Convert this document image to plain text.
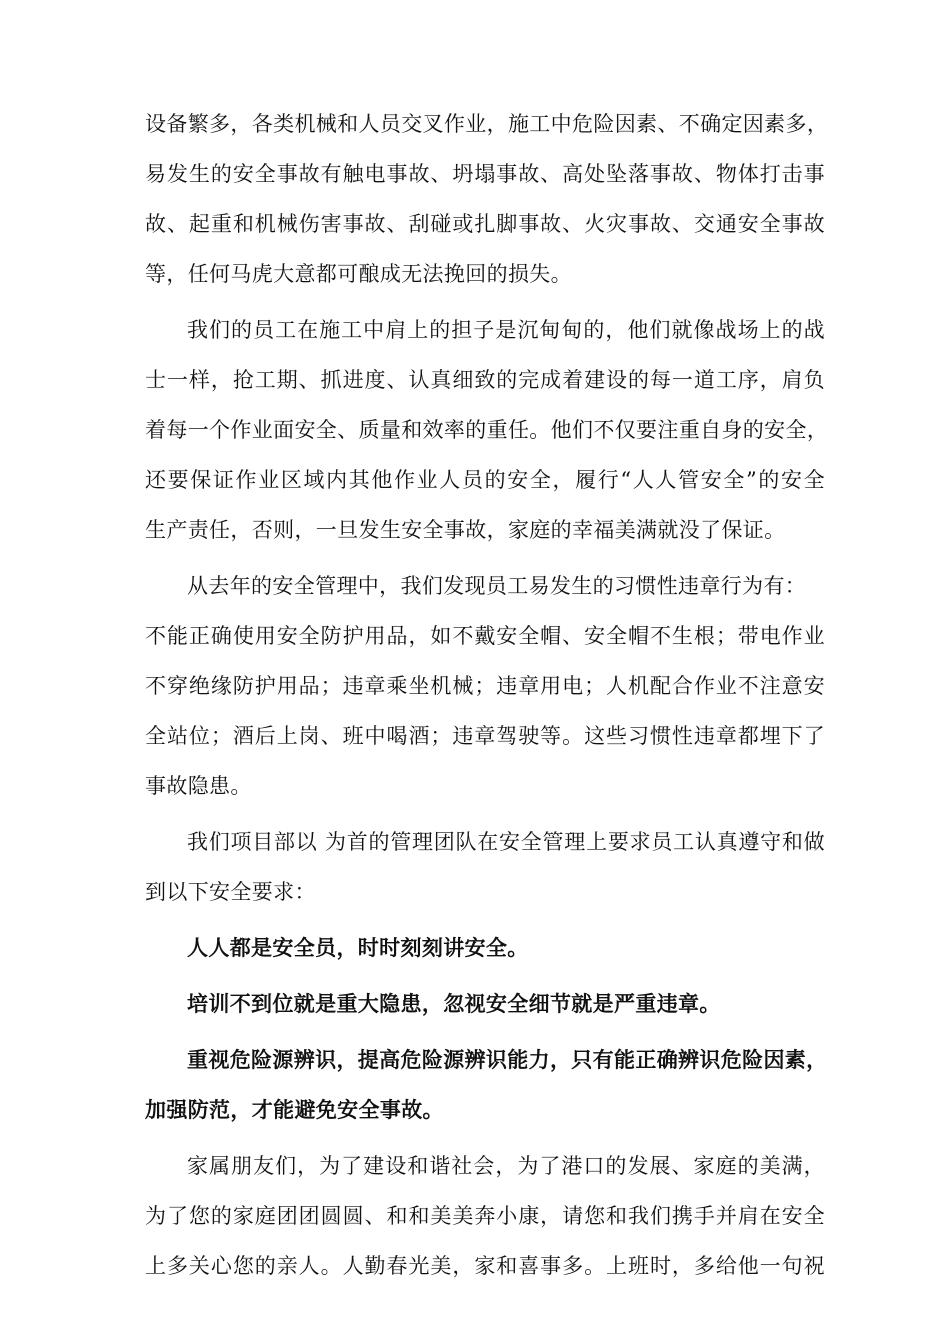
设备繁多，各类机械和人员交叉作业，施工中危险因素、不确定因素多，
易发生的安全事故有触电事故、坍塌事故、高处坠落事故、物体打击事
故、起重和机械伤害事故、刮碰或扎脚事故、火灾事故、交通安全事故
等，任何马虎大意都可酿成无法挽回的损失。
我们的员工在施工中肩上的担子是沉甸甸的，他们就像战场上的战
士一样，抢工期、抓进度、认真细致的完成着建设的每一道工序，肩负
着每一个作业面安全、质量和效率的重任。他们不仅要注重自身的安全，
还要保证作业区域内其他作业人员的安全，履行“人人管安全”的安全
生产责任，否则，一旦发生安全事故，家庭的幸福美满就没了保证。
从去年的安全管理中，我们发现员工易发生的习惯性违章行为有：
不能正确使用安全防护用品，如不戴安全帽、安全帽不生根；带电作业
不穿绝缘防护用品；违章乘坐机械；违章用电；人机配合作业不注意安
全站位；酒后上岗、班中喝酒；违章驾驶等。这些习惯性违章都埋下了
事故隐患。
我们项目部以 为首的管理团队在安全管理上要求员工认真遵守和做
到以下安全要求：
人人都是安全员，时时刻刻讲安全。
培训不到位就是重大隐患，忽视安全细节就是严重违章。
重视危险源辨识，提高危险源辨识能力，只有能正确辨识危险因素，
加强防范，才能避免安全事故。
家属朋友们，为了建设和谐社会，为了港口的发展、家庭的美满，
为了您的家庭团团圆圆、和和美美奔小康，请您和我们携手并肩在安全
上多关心您的亲人。人勤春光美，家和喜事多。上班时，多给他一句祝
